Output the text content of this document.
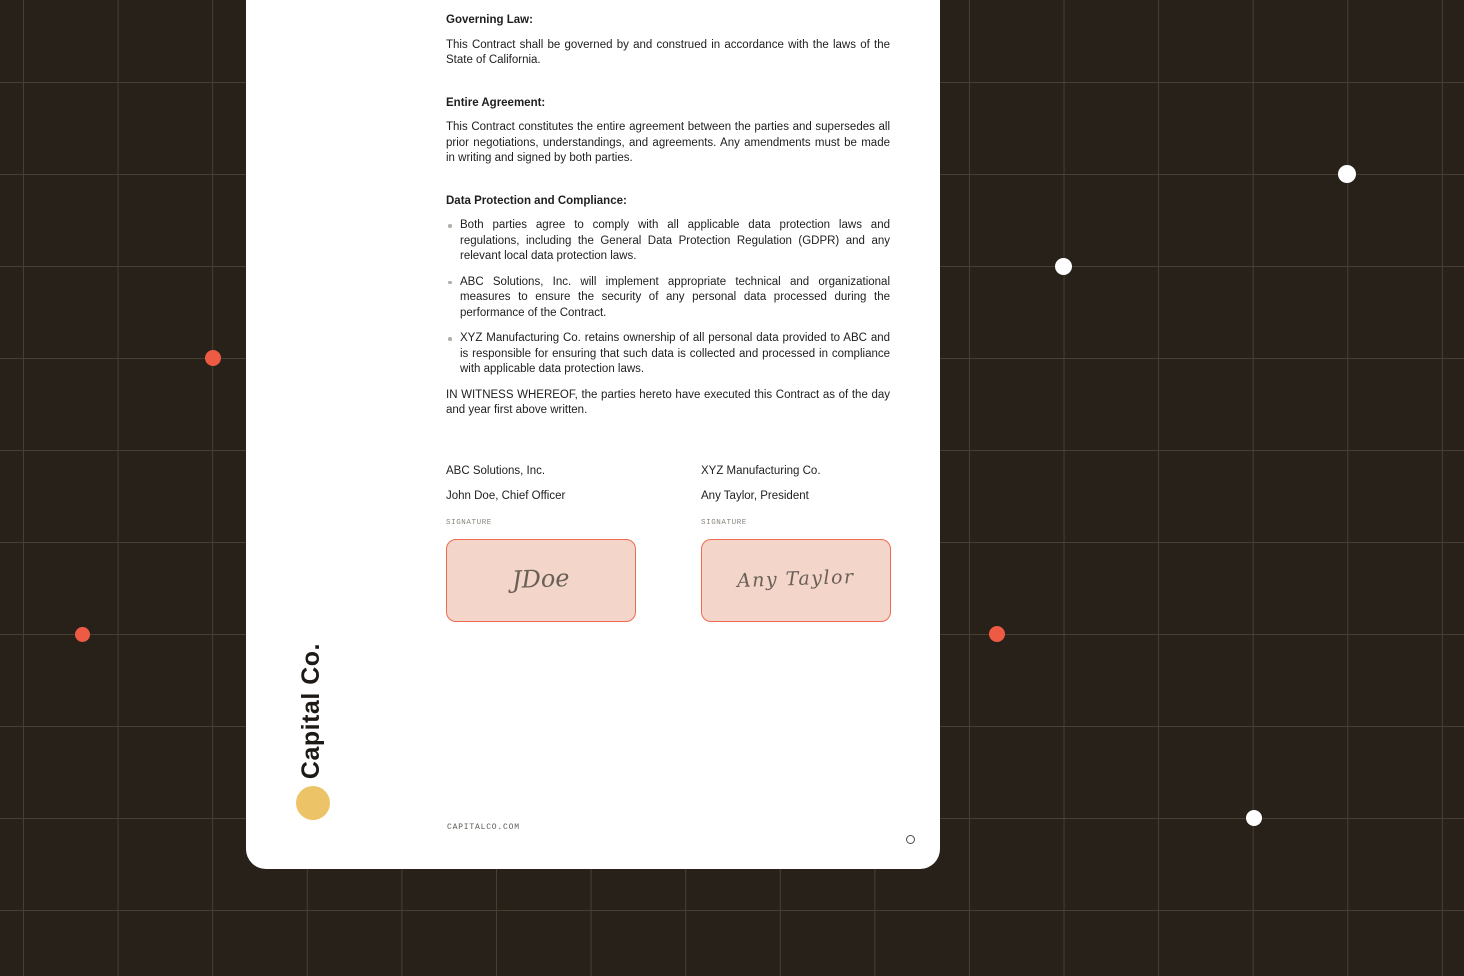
Governing Law:

This Contract shall be governed by and construed in accordance with the laws of the State of California.

Entire Agreement:

This Contract constitutes the entire agreement between the parties and supersedes all prior negotiations, understandings, and agreements. Any amendments must be made in writing and signed by both parties.

Data Protection and Compliance:
Both parties agree to comply with all applicable data protection laws and regulations, including the General Data Protection Regulation (GDPR) and any relevant local data protection laws.
ABC Solutions, Inc. will implement appropriate technical and organizational measures to ensure the security of any personal data processed during the performance of the Contract.
XYZ Manufacturing Co. retains ownership of all personal data provided to ABC and is responsible for ensuring that such data is collected and processed in compliance with applicable data protection laws.

IN WITNESS WHEREOF, the parties hereto have executed this Contract as of the day and year first above written.

ABC Solutions, Inc.
John Doe, Chief Officer
SIGNATURE
JDoe
XYZ Manufacturing Co.
Any Taylor, President
SIGNATURE
Any Taylor
Capital Co.
CAPITALCO.COM
